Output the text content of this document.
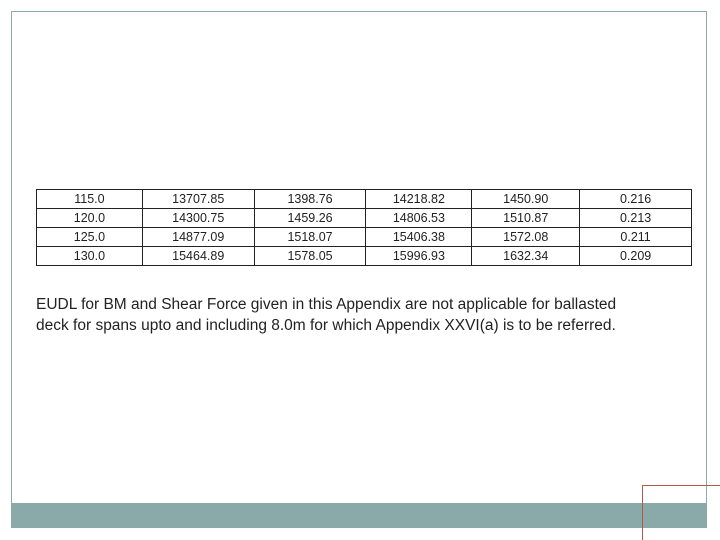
115.0	13707.85	1398.76	14218.82	1450.90	0.216
120.0	14300.75	1459.26	14806.53	1510.87	0.213
125.0	14877.09	1518.07	15406.38	1572.08	0.211
130.0	15464.89	1578.05	15996.93	1632.34	0.209

EUDL for BM and Shear Force given in this Appendix are not applicable for ballasted
deck for spans upto and including 8.0m for which Appendix XXVI(a) is to be referred.
